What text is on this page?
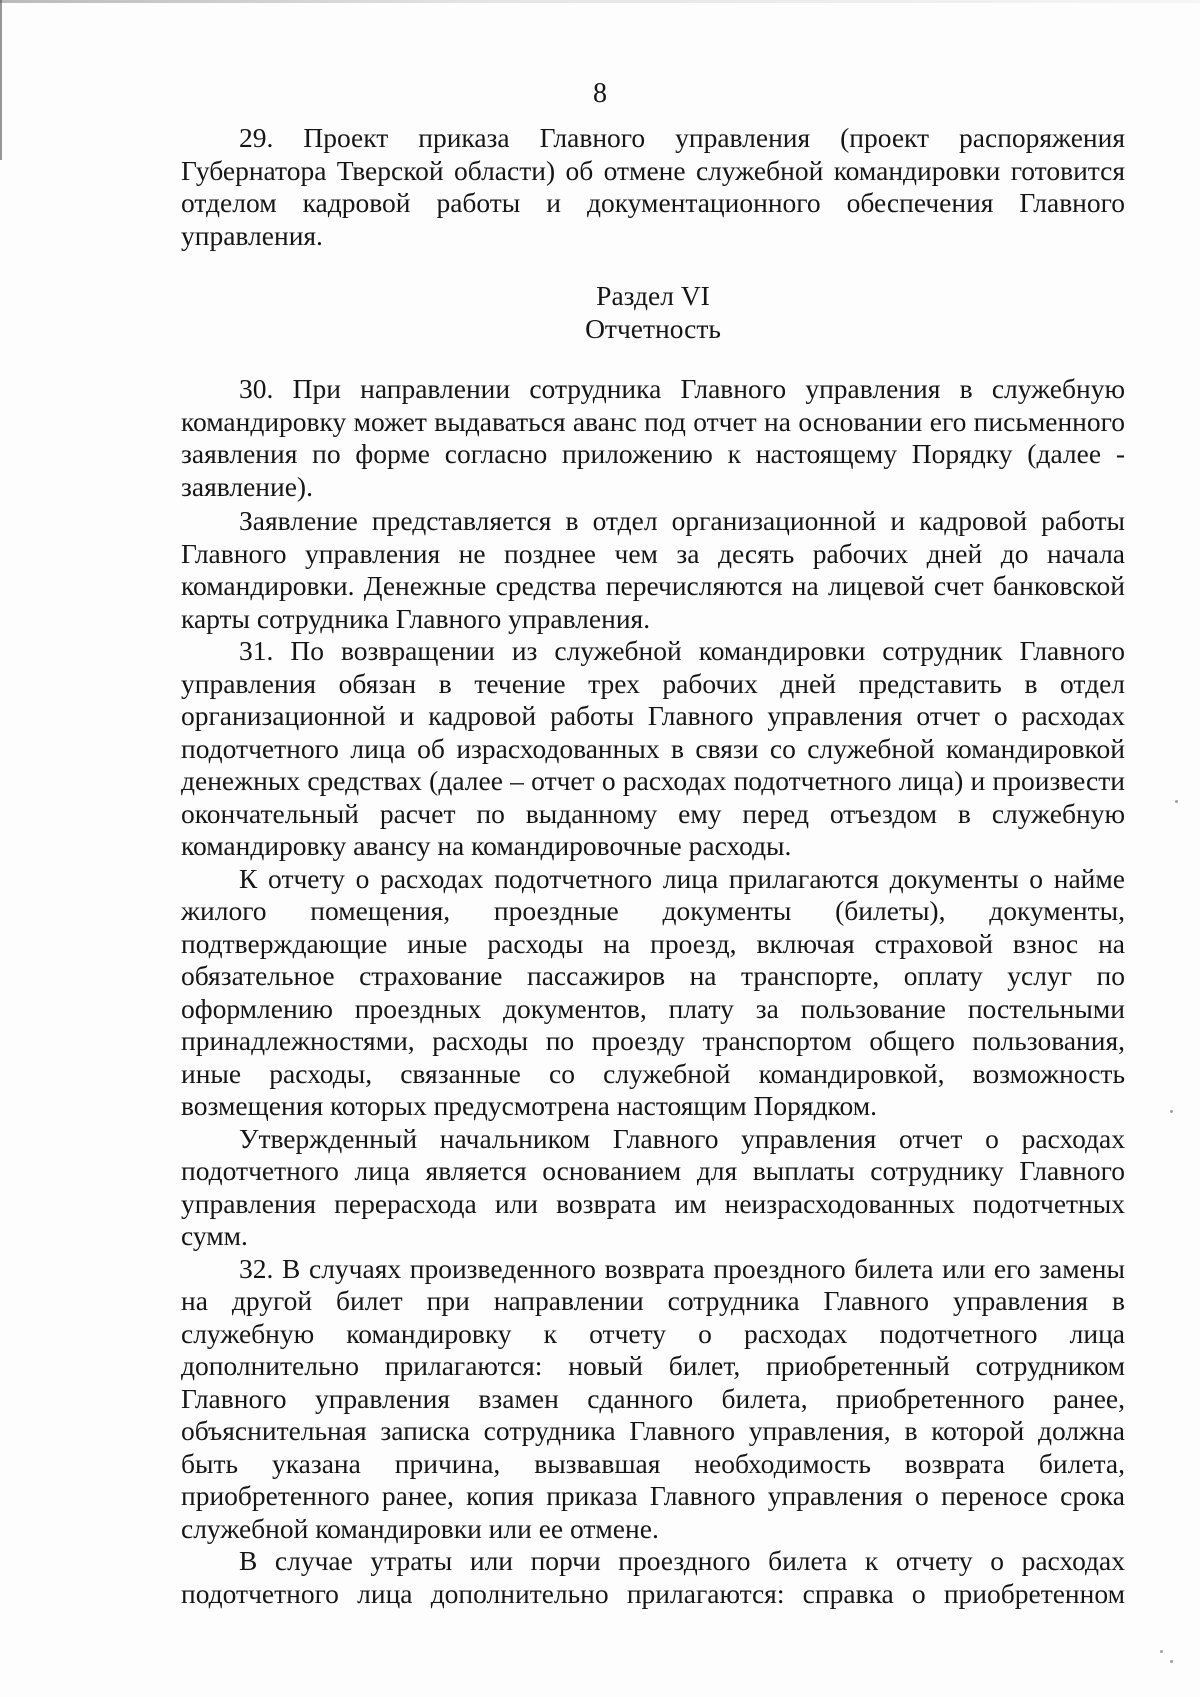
8

29. Проект приказа Главного управления (проект распоряжения Губернатора Тверской области) об отмене служебной командировки готовится отделом кадровой работы и документационного обеспечения Главного управления.

Раздел VI

Отчетность

30. При направлении сотрудника Главного управления в служебную командировку может выдаваться аванс под отчет на основании его письменного заявления по форме согласно приложению к настоящему Порядку (далее - заявление).

Заявление представляется в отдел организационной и кадровой работы Главного управления не позднее чем за десять рабочих дней до начала командировки. Денежные средства перечисляются на лицевой счет банковской карты сотрудника Главного управления.

31. По возвращении из служебной командировки сотрудник Главного управления обязан в течение трех рабочих дней представить в отдел организационной и кадровой работы Главного управления отчет о расходах подотчетного лица об израсходованных в связи со служебной командировкой денежных средствах (далее – отчет о расходах подотчетного лица) и произвести окончательный расчет по выданному ему перед отъездом в служебную командировку авансу на командировочные расходы.

К отчету о расходах подотчетного лица прилагаются документы о найме жилого помещения, проездные документы (билеты), документы, подтверждающие иные расходы на проезд, включая страховой взнос на обязательное страхование пассажиров на транспорте, оплату услуг по оформлению проездных документов, плату за пользование постельными принадлежностями, расходы по проезду транспортом общего пользования, иные расходы, связанные со служебной командировкой, возможность возмещения которых предусмотрена настоящим Порядком.

Утвержденный начальником Главного управления отчет о расходах подотчетного лица является основанием для выплаты сотруднику Главного управления перерасхода или возврата им неизрасходованных подотчетных сумм.

32. В случаях произведенного возврата проездного билета или его замены на другой билет при направлении сотрудника Главного управления в служебную командировку к отчету о расходах подотчетного лица дополнительно прилагаются: новый билет, приобретенный сотрудником Главного управления взамен сданного билета, приобретенного ранее, объяснительная записка сотрудника Главного управления, в которой должна быть указана причина, вызвавшая необходимость возврата билета, приобретенного ранее, копия приказа Главного управления о переносе срока служебной командировки или ее отмене.

В случае утраты или порчи проездного билета к отчету о расходах подотчетного лица дополнительно прилагаются: справка о приобретенном
